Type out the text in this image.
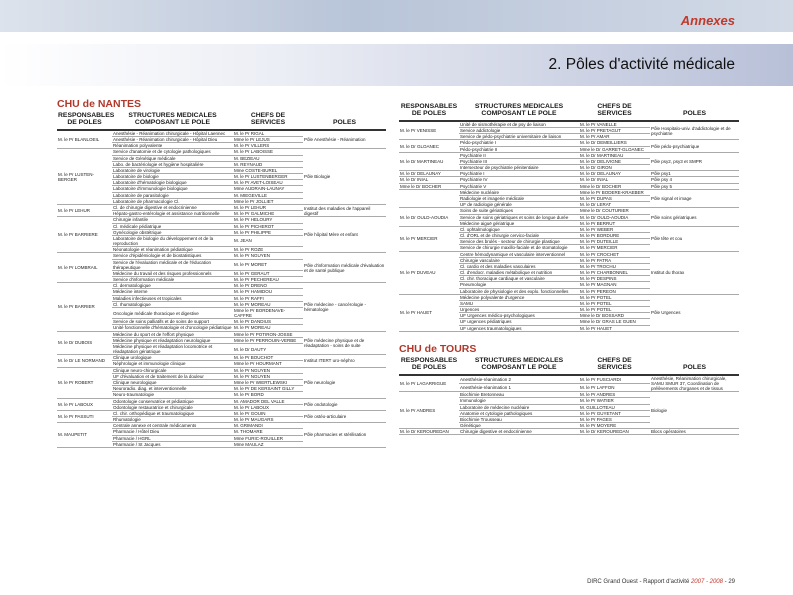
Annexes
2. Pôles d'activité médicale
CHU de NANTES
RESPONSABLES DE POLES	STRUCTURES MEDICALES COMPOSANT LE POLE	CHEFS DE SERVICES	POLES
M. le Pr BLANLOEIL	Anesthésie - Réanimation chirurgicale - Hôpital Laennec	M. le Pr RIGAL	Pôle Anesthésie - Réanimation
	Anesthésie - Réanimation chirurgicale - Hôpital Dieu	Mme le Pr LEJUS	
	Réanimation polyvalente	M. le Pr VILLERS	
M. le Pr LUSTEN-BERGER	Service d'anatomie et de cytologie pathologiques	M. le Pr LABOISSE	Pôle Biologie
	Service de Génétique médicale	M. BEZIEAU	
	Labo. de bactériologie et hygiène hospitalière	M. REYNAUD	
	Laboratoire de virologie	Mme COSTE-BUREL	
	Laboratoire de biologie	M. le Pr LUSTENBERGER	
	Laboratoire d'hématologie biologique	M. le Pr AVET-LOISEAU	
	Laboratoire d'immunologie biologique	Mme AUDRAIN-LAUNAY	
	Laboratoire de parasitologie	M. MIEGEVILLE	
	Laboratoire de pharmacologie Cl.	Mme le Pr JOLLIET	
M. le Pr LEHUR	Cl. de chirurgie digestive et endocrinienne	M. le Pr LEHUR	Institut des maladies de l'appareil digestif
	Hépato-gastro-entérologie et assistance nutritionnelle	M. le Pr GALMICHE	
M. le Pr BARRIERE	Chirurgie infantile	M. le Pr HELOURY	Pôle hôpital Mère et enfant
	Cl. médicale pédiatrique	M. le Pr PICHEROT	
	Gynécologie obstétrique	M. le Pr PHILIPPE	
	Laboratoire de biologie du développement et de la reproduction	M. JEAN	
	Néonatologie et réanimation pédiatrique	M. le Pr ROZE	
M. le Pr LOMBRAIL	Service d'épidémiologie et de biostatistiques	M. le Pr NGUYEN	Pôle d'information médicale d'évaluation et de santé publique
	Service de l'évaluation médicale et de l'éducation thérapeutique	M. le Pr MORET	
	Médecine du travail et des risques professionnels	M. le Pr GERAUT	
	Service d'information médicale	M. le Pr PECHEREAU	
M. le Pr BARRIER	Cl. dermatologique	M. le Pr DRENO	Pôle médecine - cancérologie - hématologie
	Médecine interne	M. le Pr HAMIDOU	
	Maladies infectieuses et tropicales	M. le Pr RAFFI	
	Cl. rhumatologique	M. le Pr MOREAU	
	Oncologie médicale thoracique et digestive	Mme le Pr BORDENAVE-CAFFRE	
	Service de soins palliatifs et de soins de support	M. le Pr DANDIUS	
	Unité fonctionnelle d'hématologie et d'oncologie pédiatrique	M. le Pr MOREAU	
M. le Dr DUBOIS	Médecine du sport et de l'effort physique	Mme le Pr POTIRON-JOSSE	Pôle médecine physique et de réadaptation - soins de suite
	Médecine physique et réadaptation neurologique	Mme le Pr PERROUIN-VERBE	
	Médecine physique et réadaptation locomotrice et réadaptation gériatrique	M. le Dr DAUTY	
M. le Dr LE NORMAND	Clinique urologique	M. le Pr BOUCHOT	Institut ITERT uro-néphro
	Néphrologie et immunologie clinique	Mme le Pr HOURMANT	
M. le Pr ROBERT	Clinique neuro-chirurgicale	M. le Pr NGUYEN	Pôle neurologie
	UF d'évaluation et de traitement de la douleur	M. le Pr NGUYEN	
	Clinique neurologique	Mme le Pr WIERTLEWSKI	
	Neuroradio. diag. et interventionnelle	M. le Pr DE KERSAINT GILLY	
	Neuro-traumatologie	M. le Pr BORD	
M. le Pr LABOUX	Odontologie conservatrice et pédiatrique	M. AMADOR DEL VALLE	Pôle ondotologie
	Odontologie restauratrice et chirurgicale	M. le Pr LABOUX	
M. le Pr PASSUTI	Cl. chir. orthopédique et traumatologique	M. le Pr GOUIN	Pôle ostéo-articulaire
	Rhumatologie	M. le Pr MAUGARS	
M. MAUPETIT	Centrale annexe et centrale médicaments	M. GRIMANDI	Pôle pharmacies et stérilisation
	Pharmacie / Hôtel Dieu	M. THOMARE	
	Pharmacie / HGRL	Mme FURIC-ROUILLER	
	Pharmacie / St Jacques	Mme MAULAZ	
RESPONSABLES DE POLES	STRUCTURES MEDICALES COMPOSANT LE POLE	CHEFS DE SERVICES	POLES
M. le Pr VENISSE	Unité de sismothérapie et de psy de liaison	M. le Pr VANELLE	Pôle Hospitalo-univ. d'addictologie et de psychiatrie
	Service addictologie	M. le Pr PRETAGUT	
	Service de pédo-psychiatrie universitaire de liaison	M. le Pr AMAR	
M. le Dr GLOANEC	Pédo-psychiatrie I	M. le Dr DEMEILLIERS	Pôle pédo-psychiatrique
	Pédo-psychiatrie II	Mme le Dr GARRET-GLOANEC	
M. le Dr MARTINEAU	Psychiatrie II	M. le Dr MARTINEAU	Pôle psy2, psy3 et SMPR
	Psychiatrie III	M. le Dr DELIVIGNE	
	Intersecteur de psychiatrie pénitentiaire	M. le Dr GIRON	
M. le Dr DELAUNAY	Psychiatrie I	M. le Dr DELAUNAY	Pôle psy1
M. le Dr INIAL	Psychiatrie IV	M. le Dr INIAL	Pôle psy 4
Mme le Dr BOCHER	Psychiatrie V	Mme le Dr BOCHER	Pôle psy 5
	Médecine nucléaire	Mme le Pr BODERE-KRAEBER	Pôle signal et image
	Radiologie et imagerie médicale	M. le Pr DUPAS	
	UF de radiologie générale	M. le Dr LERAT	
M. le Dr OULD-AOUDIA	Soins de suite gériatriques	Mme le Dr COUTURIER	Pôle soins gériatriques
	Service de soins gériatriques et soins de longue durée	M. le Dr OULD-AOUDIA	
	Médecine aiguë gériatrique	M. le Pr BERRUT	
M. le Pr MERCIER	Cl. ophtalmologique	M. le Pr WEBER	Pôle tête et cou
	Cl. d'ORL et de chirurgie cervico-faciale	M. le Pr BORDURE	
	Service des brulés - secteur de chirurgie plastique	M. le Pr DUTEILLE	
	Service de chirurgie maxillo-faciale et de stomatologie	M. le Pr MERCIER	
M. le Pr DUVEAU	Centre hémodynamique et vasculaire interventionnel	M. le Pr CROCHET	Institut du thorax
	Chirurgie vasculaire	M. le Pr PATRA	
	Cl. cardio et des maladies vasculaires	M. le Pr TROCHU	
	Cl. d'endocr. maladies métabolique et nutrition	M. le Pr CHARBONNEL	
	Cl. chir. thoracique cardiaque et vasculaire	M. le Pr DESPINS	
	Pneumologie	M. le Pr MAGNAN	
	Laboratoire de physiologie et des explo. fonctionnelles	M. le Pr PEREON	
M. le Pr HAUET	Médecine polyvalente d'urgence	M. le Pr POTEL	Pôle Urgences
	SAMU	M. le Pr POTEL	
	Urgences	M. le Pr POTEL	
	UF Urgences médico-psychologiques	Mme le Dr BOSSARD	
	UF urgences pédiatriques	Mme le Dr GRAS LE GUEN	
	UF urgences traumatologiques	M. le Pr HAUET	
CHU de TOURS
RESPONSABLES DE POLES	STRUCTURES MEDICALES COMPOSANT LE POLE	CHEFS DE SERVICES	POLES
M. le Pr LAGARRIGUE	Anesthésie-réanimation 2	M. le Pr FUSCIARDI	Anesthésie, Réanimation chirurgicale, SAMU SMUR 37, Coordination de prélèvements d'organes et de tissus
	Anesthésie-réanimation 1	M. le Pr LAFFON	
M. le Pr ANDRES	Biochimie Bretonneau	M. le Pr ANDRES	Biologie
	Immunologie	M. le Pr WATIER	
	Laboratoire de médecine nucléaire	M. GUILLOTEAU	
	Anatomie et cytologie pathologiques	M. le Pr GUYETANT	
	Biochimie Trousseau	M. le Pr PAGES	
	Génétique	M. le Pr MOYERE	
M. le Dr KEROUREDAN	Chirurgie digestive et endocrinienne	M. le Dr KEROUREDAN	Blocs opératoires
DIRC Grand Ouest - Rapport d'activité 2007 - 2008 - 29
